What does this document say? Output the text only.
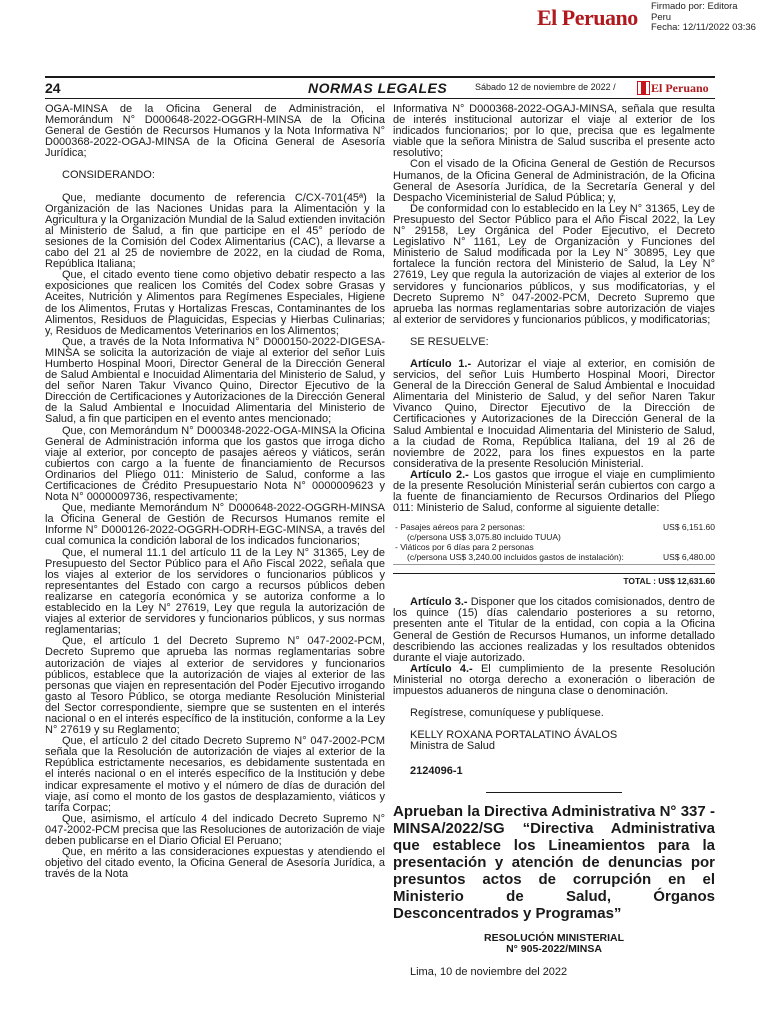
El Peruano Firmado por: Editora
Peru
Fecha: 12/11/2022 03:36
24	NORMAS LEGALES	Sábado 12 de noviembre de 2022 /	El Peruano

OGA-MINSA de la Oficina General de Administración, el Memorándum N° D000648-2022-OGGRH-MINSA de la Oficina General de Gestión de Recursos Humanos y la Nota Informativa N° D000368-2022-OGAJ-MINSA de la Oficina General de Asesoría Jurídica;

CONSIDERANDO:

Que, mediante documento de referencia C/CX-701(45ª) la Organización de las Naciones Unidas para la Alimentación y la Agricultura y la Organización Mundial de la Salud extienden invitación al Ministerio de Salud, a fin que participe en el 45° período de sesiones de la Comisión del Codex Alimentarius (CAC), a llevarse a cabo del 21 al 25 de noviembre de 2022, en la ciudad de Roma, República Italiana;

Que, el citado evento tiene como objetivo debatir respecto a las exposiciones que realicen los Comités del Codex sobre Grasas y Aceites, Nutrición y Alimentos para Regímenes Especiales, Higiene de los Alimentos, Frutas y Hortalizas Frescas, Contaminantes de los Alimentos, Residuos de Plaguicidas, Especias y Hierbas Culinarias; y, Residuos de Medicamentos Veterinarios en los Alimentos;

Que, a través de la Nota Informativa N° D000150-2022-DIGESA-MINSA se solicita la autorización de viaje al exterior del señor Luis Humberto Hospinal Moori, Director General de la Dirección General de Salud Ambiental e Inocuidad Alimentaria del Ministerio de Salud, y del señor Naren Takur Vivanco Quino, Director Ejecutivo de la Dirección de Certificaciones y Autorizaciones de la Dirección General de la Salud Ambiental e Inocuidad Alimentaria del Ministerio de Salud, a fin que participen en el evento antes mencionado;

Que, con Memorándum N° D000348-2022-OGA-MINSA la Oficina General de Administración informa que los gastos que irroga dicho viaje al exterior, por concepto de pasajes aéreos y viáticos, serán cubiertos con cargo a la fuente de financiamiento de Recursos Ordinarios del Pliego 011: Ministerio de Salud, conforme a las Certificaciones de Crédito Presupuestario Nota N° 0000009623 y Nota N° 0000009736, respectivamente;

Que, mediante Memorándum N° D000648-2022-OGGRH-MINSA la Oficina General de Gestión de Recursos Humanos remite el Informe N° D000126-2022-OGGRH-ODRH-EGC-MINSA, a través del cual comunica la condición laboral de los indicados funcionarios;

Que, el numeral 11.1 del artículo 11 de la Ley N° 31365, Ley de Presupuesto del Sector Público para el Año Fiscal 2022, señala que los viajes al exterior de los servidores o funcionarios públicos y representantes del Estado con cargo a recursos públicos deben realizarse en categoría económica y se autoriza conforme a lo establecido en la Ley N° 27619, Ley que regula la autorización de viajes al exterior de servidores y funcionarios públicos, y sus normas reglamentarias;

Que, el artículo 1 del Decreto Supremo N° 047-2002-PCM, Decreto Supremo que aprueba las normas reglamentarias sobre autorización de viajes al exterior de servidores y funcionarios públicos, establece que la autorización de viajes al exterior de las personas que viajen en representación del Poder Ejecutivo irrogando gasto al Tesoro Público, se otorga mediante Resolución Ministerial del Sector correspondiente, siempre que se sustenten en el interés nacional o en el interés específico de la institución, conforme a la Ley N° 27619 y su Reglamento;

Que, el artículo 2 del citado Decreto Supremo N° 047-2002-PCM señala que la Resolución de autorización de viajes al exterior de la República estrictamente necesarios, es debidamente sustentada en el interés nacional o en el interés específico de la Institución y debe indicar expresamente el motivo y el número de días de duración del viaje, así como el monto de los gastos de desplazamiento, viáticos y tarifa Corpac;

Que, asimismo, el artículo 4 del indicado Decreto Supremo N° 047-2002-PCM precisa que las Resoluciones de autorización de viaje deben publicarse en el Diario Oficial El Peruano;

Que, en mérito a las consideraciones expuestas y atendiendo el objetivo del citado evento, la Oficina General de Asesoría Jurídica, a través de la Nota

Informativa N° D000368-2022-OGAJ-MINSA, señala que resulta de interés institucional autorizar el viaje al exterior de los indicados funcionarios; por lo que, precisa que es legalmente viable que la señora Ministra de Salud suscriba el presente acto resolutivo;

Con el visado de la Oficina General de Gestión de Recursos Humanos, de la Oficina General de Administración, de la Oficina General de Asesoría Jurídica, de la Secretaría General y del Despacho Viceministerial de Salud Pública; y,

De conformidad con lo establecido en la Ley N° 31365, Ley de Presupuesto del Sector Público para el Año Fiscal 2022, la Ley N° 29158, Ley Orgánica del Poder Ejecutivo, el Decreto Legislativo N° 1161, Ley de Organización y Funciones del Ministerio de Salud modificada por la Ley N° 30895, Ley que fortalece la función rectora del Ministerio de Salud, la Ley N° 27619, Ley que regula la autorización de viajes al exterior de los servidores y funcionarios públicos, y sus modificatorias, y el Decreto Supremo N° 047-2002-PCM, Decreto Supremo que aprueba las normas reglamentarias sobre autorización de viajes al exterior de servidores y funcionarios públicos, y modificatorias;

SE RESUELVE:

Artículo 1.- Autorizar el viaje al exterior, en comisión de servicios, del señor Luis Humberto Hospinal Moori, Director General de la Dirección General de Salud Ambiental e Inocuidad Alimentaria del Ministerio de Salud, y del señor Naren Takur Vivanco Quino, Director Ejecutivo de la Dirección de Certificaciones y Autorizaciones de la Dirección General de la Salud Ambiental e Inocuidad Alimentaria del Ministerio de Salud, a la ciudad de Roma, República Italiana, del 19 al 26 de noviembre de 2022, para los fines expuestos en la parte considerativa de la presente Resolución Ministerial.

Artículo 2.- Los gastos que irrogue el viaje en cumplimiento de la presente Resolución Ministerial serán cubiertos con cargo a la fuente de financiamiento de Recursos Ordinarios del Pliego 011: Ministerio de Salud, conforme al siguiente detalle:

- Pasajes aéreos para 2 personas:	US$ 6,151.60
(c/persona US$ 3,075.80 incluido TUUA)
- Viáticos por 6 días para 2 personas
(c/persona US$ 3,240.00 incluidos gastos de instalación):	US$ 6,480.00
TOTAL : US$ 12,631.60

Artículo 3.- Disponer que los citados comisionados, dentro de los quince (15) días calendario posteriores a su retorno, presenten ante el Titular de la entidad, con copia a la Oficina General de Gestión de Recursos Humanos, un informe detallado describiendo las acciones realizadas y los resultados obtenidos durante el viaje autorizado.

Artículo 4.- El cumplimiento de la presente Resolución Ministerial no otorga derecho a exoneración o liberación de impuestos aduaneros de ninguna clase o denominación.

Regístrese, comuníquese y publíquese.

KELLY ROXANA PORTALATINO ÁVALOS

Ministra de Salud

2124096-1

Aprueban la Directiva Administrativa N° 337 -MINSA/2022/SG “Directiva Administrativa que establece los Lineamientos para la presentación y atención de denuncias por presuntos actos de corrupción en el Ministerio de Salud, Órganos Desconcentrados y Programas”

RESOLUCIÓN MINISTERIAL
N° 905-2022/MINSA

Lima, 10 de noviembre del 2022
